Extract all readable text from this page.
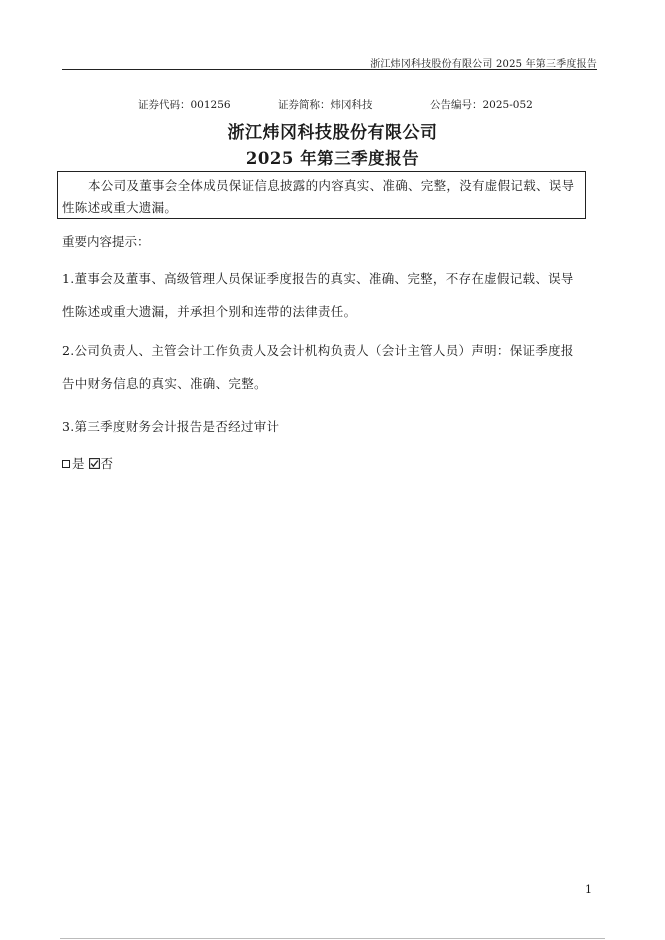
浙江炜冈科技股份有限公司 2025 年第三季度报告
证券代码：001256	证券简称：炜冈科技	公告编号：2025-052
浙江炜冈科技股份有限公司
2025 年第三季度报告
本公司及董事会全体成员保证信息披露的内容真实、准确、完整，没有虚假记载、误导性陈述或重大遗漏。
重要内容提示：

1.董事会及董事、高级管理人员保证季度报告的真实、准确、完整，不存在虚假记载、误导性陈述或重大遗漏，并承担个别和连带的法律责任。

2.公司负责人、主管会计工作负责人及会计机构负责人（会计主管人员）声明：保证季度报告中财务信息的真实、准确、完整。

3.第三季度财务会计报告是否经过审计

是 否
1
